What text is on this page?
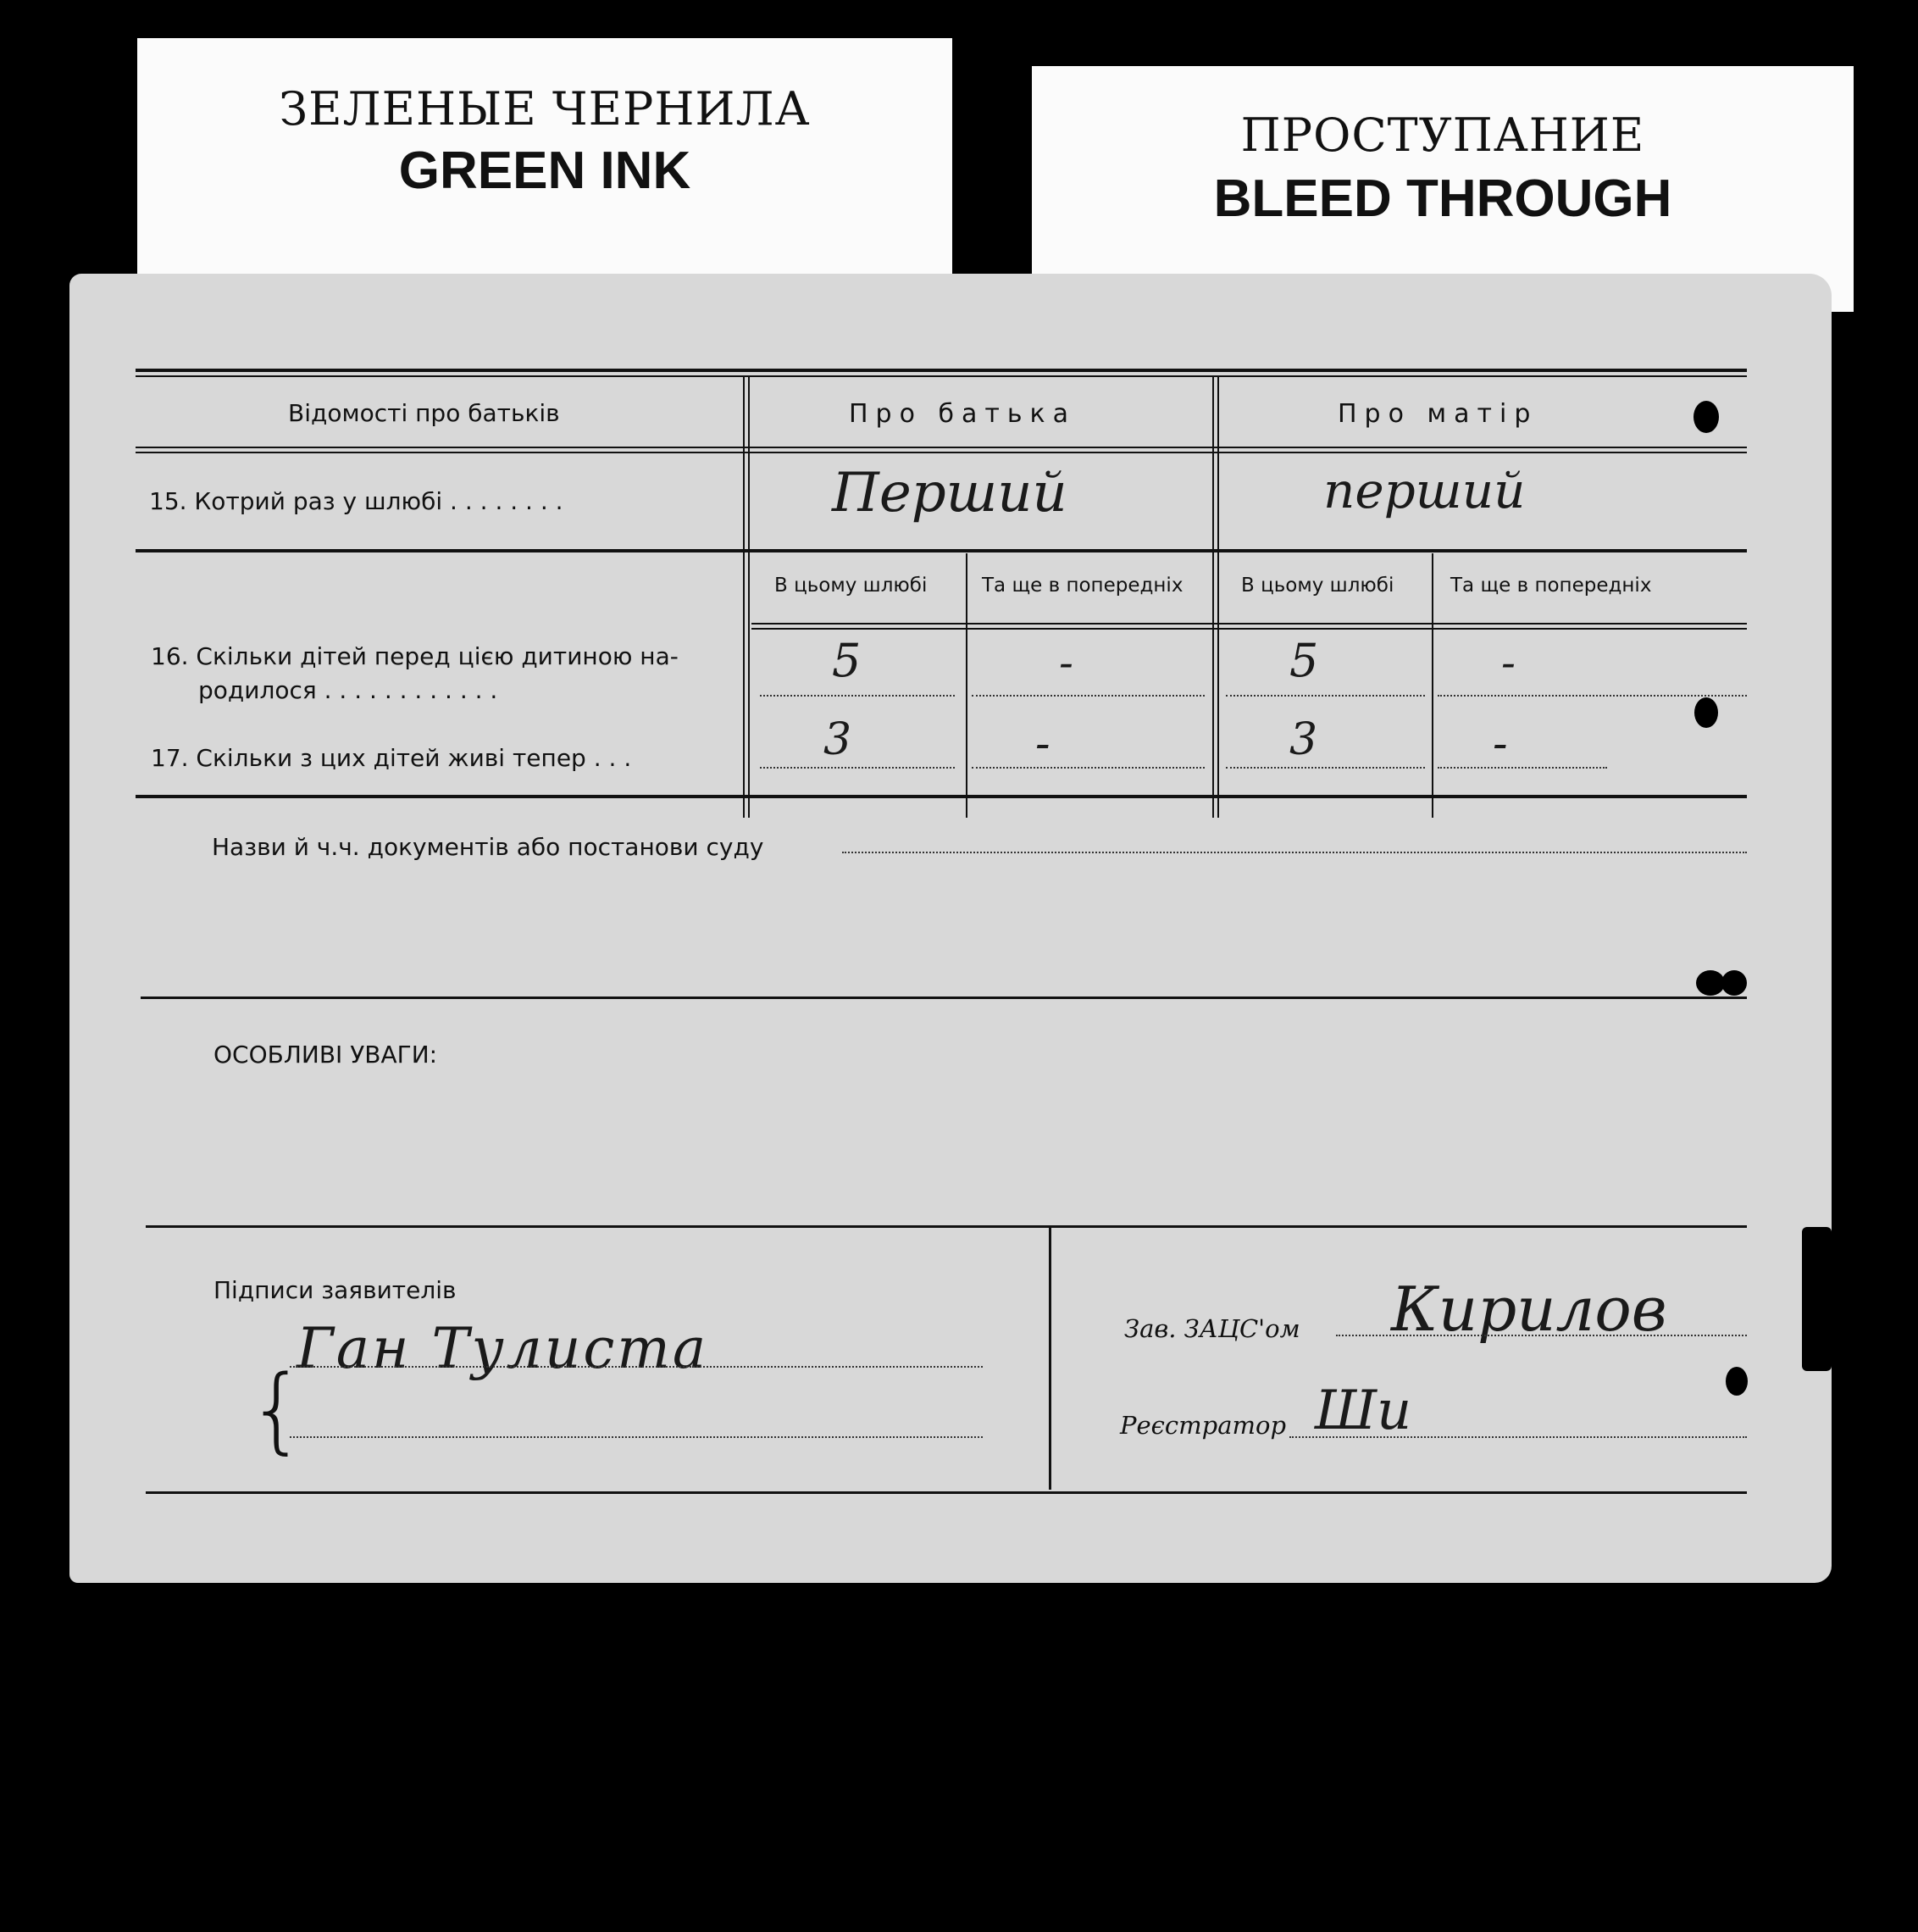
ЗЕЛЕНЫЕ ЧЕРНИЛА
GREEN INK
ПРОСТУПАНИЕ
BLEED THROUGH
Відомості про батьків	Про батька	Про матір
15. Котрий раз у шлюбі . . . . . . . .	Перший	перший
В цьому шлюбі	Та ще в попередніх	В цьому шлюбі	Та ще в попередніх
16. Скільки дітей перед цією дитиною на-
родилося . . . . . . . . . . . .
5	-	5	-
17. Скільки з цих дітей живі тепер . . .	3	-	3	-
Назви й ч.ч. документів або постанови суду
ОСОБЛИВІ УВАГИ:
Підписи заявителів
Ган Тулиста
{
Зав. ЗАЦС'ом Кирилов
Реєстратор Ши
